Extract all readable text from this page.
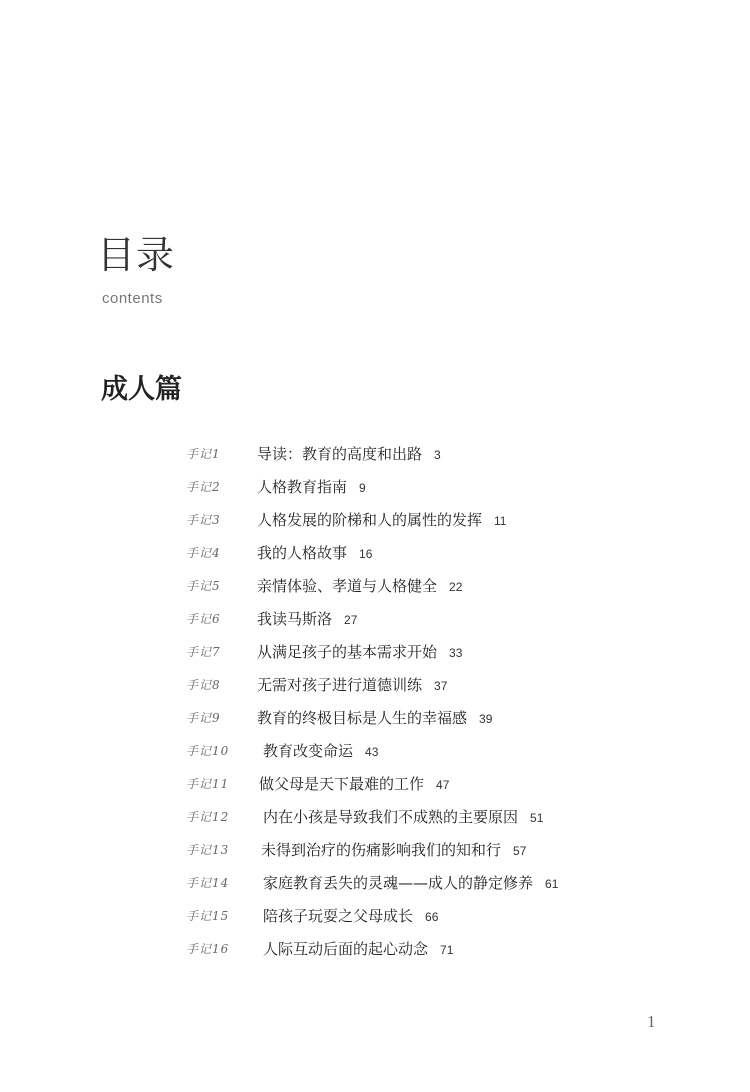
目录
contents
成人篇
手记1 导读：教育的高度和出路 3
手记2 人格教育指南 9
手记3 人格发展的阶梯和人的属性的发挥 11
手记4 我的人格故事 16
手记5 亲情体验、孝道与人格健全 22
手记6 我读马斯洛 27
手记7 从满足孩子的基本需求开始 33
手记8 无需对孩子进行道德训练 37
手记9 教育的终极目标是人生的幸福感 39
手记10 教育改变命运 43
手记11 做父母是天下最难的工作 47
手记12 内在小孩是导致我们不成熟的主要原因 51
手记13 未得到治疗的伤痛影响我们的知和行 57
手记14 家庭教育丢失的灵魂——成人的静定修养 61
手记15 陪孩子玩耍之父母成长 66
手记16 人际互动后面的起心动念 71
1
